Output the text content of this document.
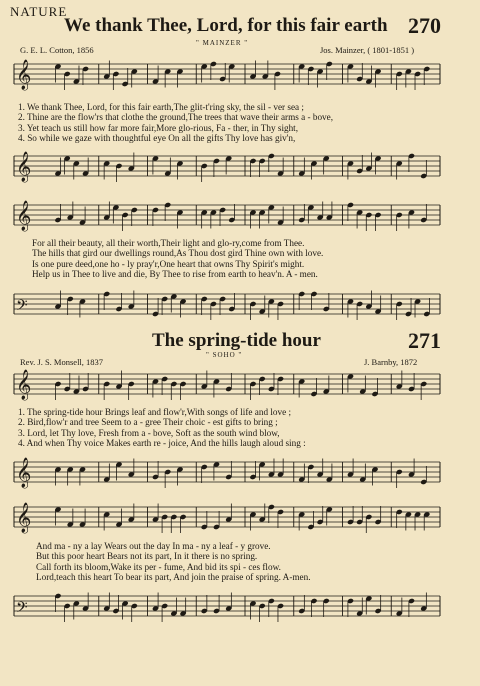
NATURE
We thank Thee, Lord, for this fair earth 270
" MAINZER "
G. E. L. Cotton, 1856	Jos. Mainzer, ( 1801-1851 )
𝄞
1. We thank Thee, Lord, for this fair earth,The glit-t'ring sky, the sil - ver sea ;
2. Thine are the flow'rs that clothe the ground,The trees that wave their arms a - bove,
3. Yet teach us still how far more fair,More glo-rious, Fa - ther, in Thy sight,
4. So while we gaze with thoughtful eye On all the gifts Thy love has giv'n,
𝄞
𝄞
For all their beauty, all their worth,Their light and glo-ry,come from Thee.
The hills that gird our dwellings round,As Thou dost gird Thine own with love.
Is one pure deed,one ho - ly pray'r,One heart that owns Thy Spirit's might.
Help us in Thee to live and die, By Thee to rise from earth to heav'n. A - men.
𝄢
The spring-tide hour	271
" SOHO "
Rev. J. S. Monsell, 1837	J. Barnby, 1872
𝄞
1. The spring-tide hour Brings leaf and flow'r,With songs of life and love ;
2. Bird,flow'r and tree Seem to a - gree Their choic - est gifts to bring ;
3. Lord, let Thy love, Fresh from a - bove, Soft as the south wind blow,
4. And when Thy voice Makes earth re - joice, And the hills laugh aloud sing :
𝄞
𝄞
And ma - ny a lay Wears out the day In ma - ny a leaf - y grove.
But this poor heart Bears not its part, In it there is no spring.
Call forth its bloom,Wake its per - fume, And bid its spi - ces flow.
Lord,teach this heart To bear its part, And join the praise of spring. A-men.
𝄢
